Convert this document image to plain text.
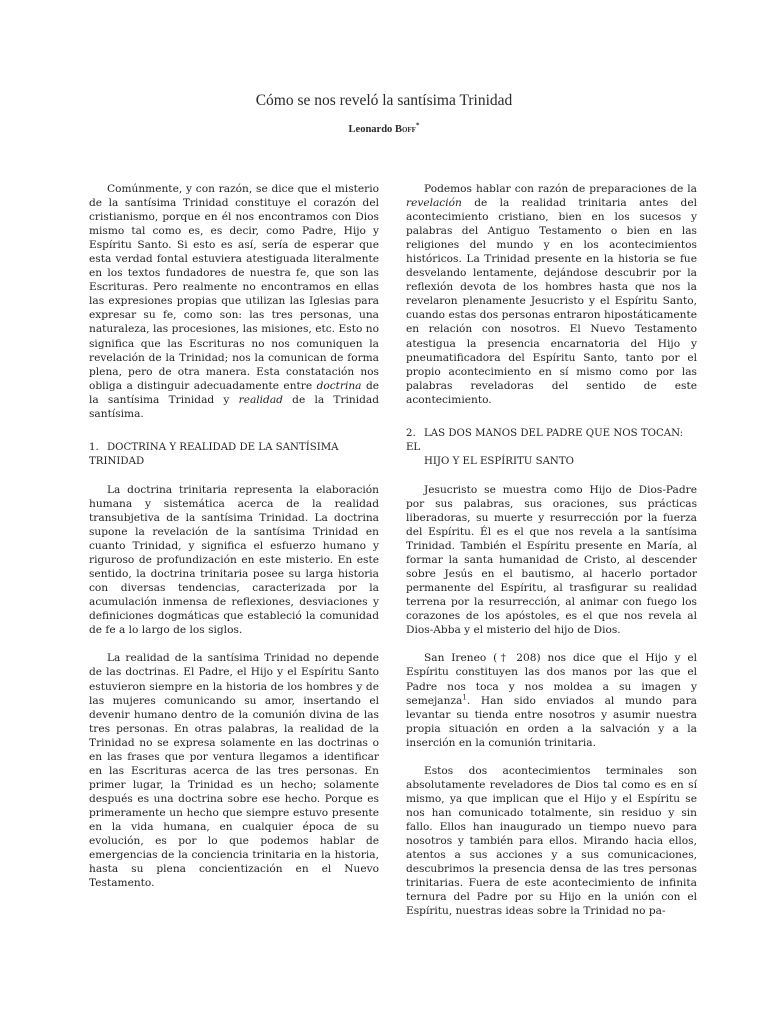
Cómo se nos reveló la santísima Trinidad
Leonardo Boff*

Comúnmente, y con razón, se dice que el misterio de la santísima Trinidad constituye el corazón del cristianismo, porque en él nos encontramos con Dios mismo tal como es, es decir, como Padre, Hijo y Espíritu Santo. Si esto es así, sería de esperar que esta verdad fontal estuviera atestiguada literalmente en los textos fundadores de nuestra fe, que son las Escrituras. Pero realmente no encontramos en ellas las expresiones propias que utilizan las Iglesias para expresar su fe, como son: las tres personas, una naturaleza, las procesiones, las misiones, etc. Esto no significa que las Escrituras no nos comuniquen la revelación de la Trinidad; nos la comunican de forma plena, pero de otra manera. Esta constatación nos obliga a distinguir adecuadamente entre doctrina de la santísima Trinidad y realidad de la Trinidad santísima.

1. DOCTRINA Y REALIDAD DE LA SANTÍSIMA TRINIDAD

La doctrina trinitaria representa la elaboración humana y sistemática acerca de la realidad transubjetiva de la santísima Trinidad. La doctrina supone la revelación de la santísima Trinidad en cuanto Trinidad, y significa el esfuerzo humano y riguroso de profundización en este misterio. En este sentido, la doctrina trinitaria posee su larga historia con diversas tendencias, caracterizada por la acumulación inmensa de reflexiones, desviaciones y definiciones dogmáticas que estableció la comunidad de fe a lo largo de los siglos.

La realidad de la santísima Trinidad no depende de las doctrinas. El Padre, el Hijo y el Espíritu Santo estuvieron siempre en la historia de los hombres y de las mujeres comunicando su amor, insertando el devenir humano dentro de la comunión divina de las tres personas. En otras palabras, la realidad de la Trinidad no se expresa solamente en las doctrinas o en las frases que por ventura llegamos a identificar en las Escrituras acerca de las tres personas. En primer lugar, la Trinidad es un hecho; solamente después es una doctrina sobre ese hecho. Porque es primeramente un hecho que siempre estuvo presente en la vida humana, en cualquier época de su evolución, es por lo que podemos hablar de emergencias de la conciencia trinitaria en la historia, hasta su plena concientización en el Nuevo Testamento.

Podemos hablar con razón de preparaciones de la revelación de la realidad trinitaria antes del acontecimiento cristiano, bien en los sucesos y palabras del Antiguo Testamento o bien en las religiones del mundo y en los acontecimientos históricos. La Trinidad presente en la historia se fue desvelando lentamente, dejándose descubrir por la reflexión devota de los hombres hasta que nos la revelaron plenamente Jesucristo y el Espíritu Santo, cuando estas dos personas entraron hipostáticamente en relación con nosotros. El Nuevo Testamento atestigua la presencia encarnatoria del Hijo y pneumatificadora del Espíritu Santo, tanto por el propio acontecimiento en sí mismo como por las palabras reveladoras del sentido de este acontecimiento.

2. LAS DOS MANOS DEL PADRE QUE NOS TOCAN: EL
HIJO Y EL ESPÍRITU SANTO

Jesucristo se muestra como Hijo de Dios-Padre por sus palabras, sus oraciones, sus prácticas liberadoras, su muerte y resurrección por la fuerza del Espíritu. Él es el que nos revela a la santísima Trinidad. También el Espíritu presente en María, al formar la santa humanidad de Cristo, al descender sobre Jesús en el bautismo, al hacerlo portador permanente del Espíritu, al trasfigurar su realidad terrena por la resurrección, al animar con fuego los corazones de los apóstoles, es el que nos revela al Dios-Abba y el misterio del hijo de Dios.

San Ireneo († 208) nos dice que el Hijo y el Espíritu constituyen las dos manos por las que el Padre nos toca y nos moldea a su imagen y semejanza$^1$. Han sido enviados al mundo para levantar su tienda entre nosotros y asumir nuestra propia situación en orden a la salvación y a la inserción en la comunión trinitaria.

Estos dos acontecimientos terminales son absolutamente reveladores de Dios tal como es en sí mismo, ya que implican que el Hijo y el Espíritu se nos han comunicado totalmente, sin residuo y sin fallo. Ellos han inaugurado un tiempo nuevo para nosotros y también para ellos. Mirando hacia ellos, atentos a sus acciones y a sus comunicaciones, descubrimos la presencia densa de las tres personas trinitarias. Fuera de este acontecimiento de infinita ternura del Padre por su Hijo en la unión con el Espíritu, nuestras ideas sobre la Trinidad no pa-
